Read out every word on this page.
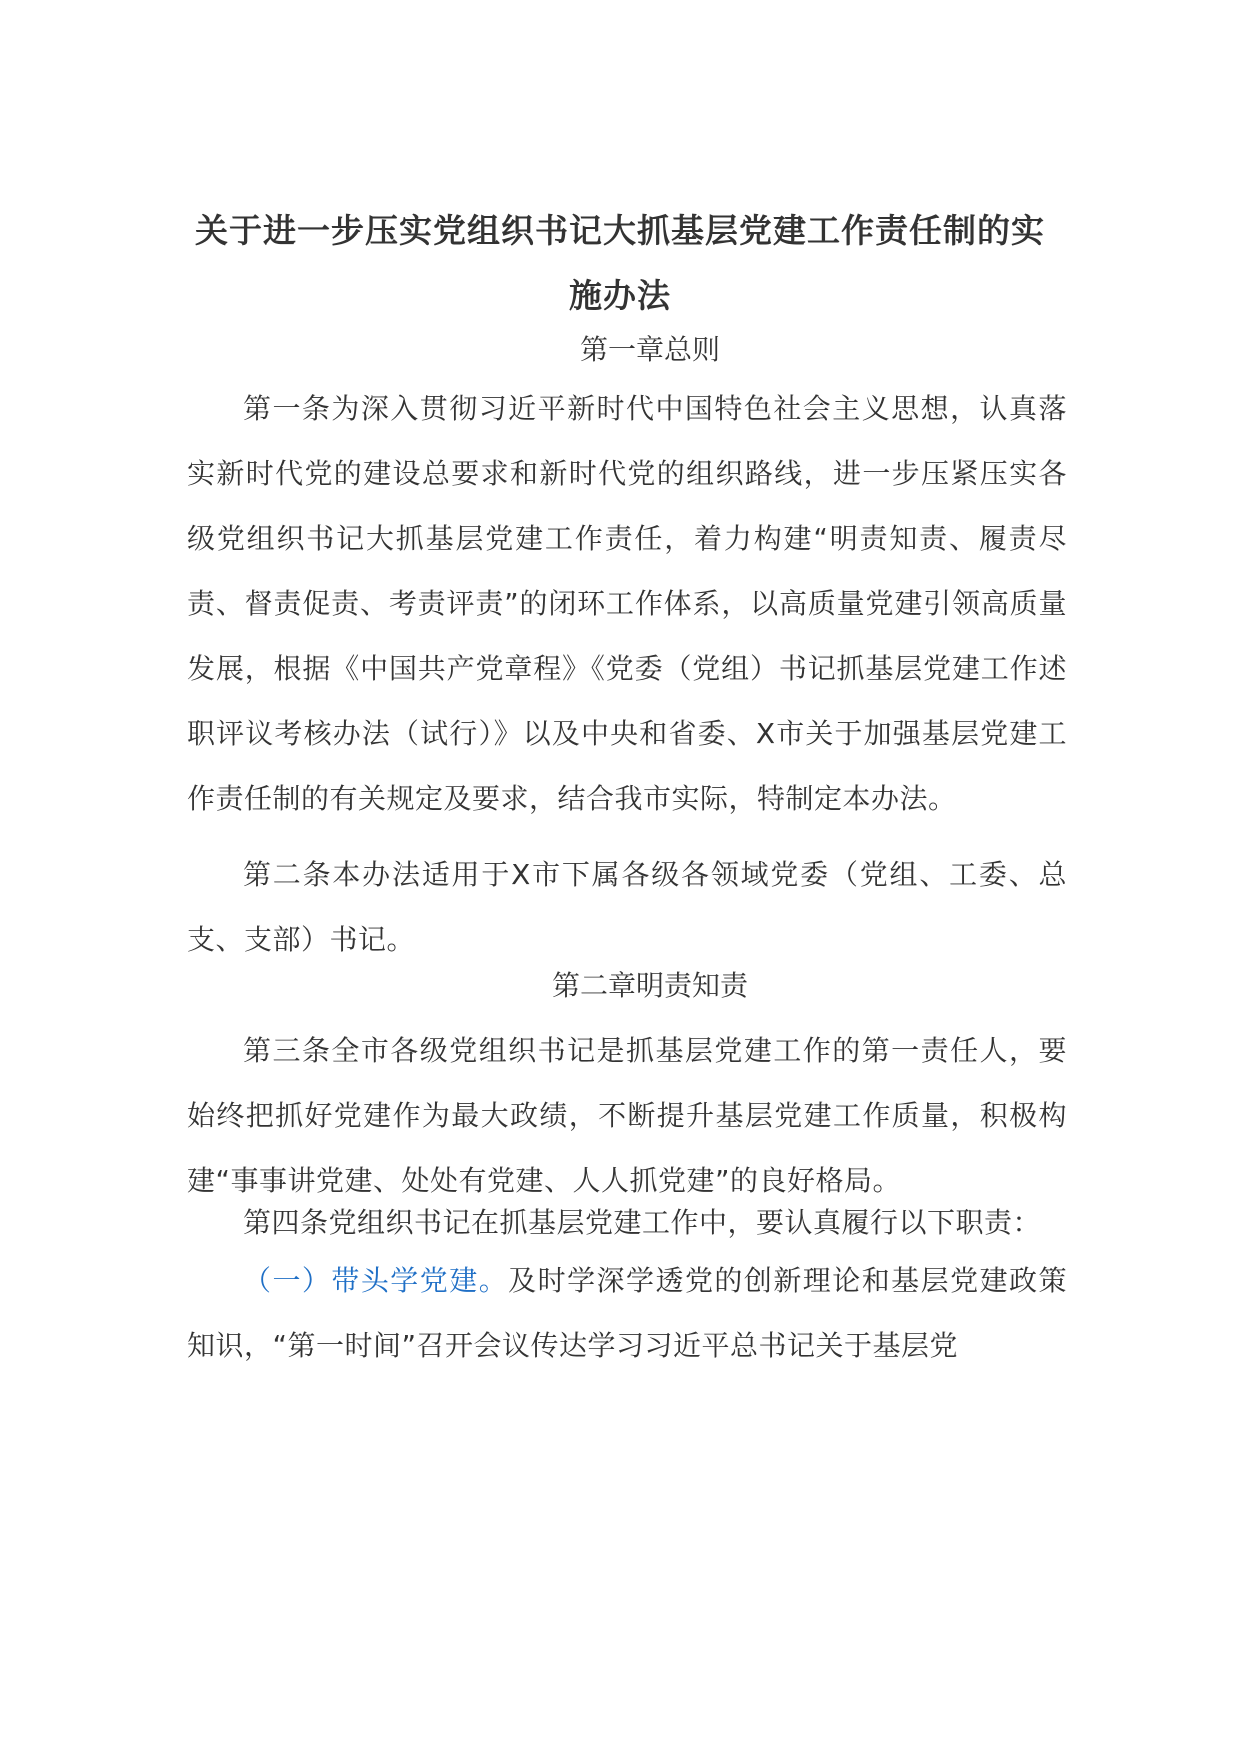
关于进一步压实党组织书记大抓基层党建工作责任制的实施办法
第一章总则
第一条为深入贯彻习近平新时代中国特色社会主义思想，认真落实新时代党的建设总要求和新时代党的组织路线，进一步压紧压实各级党组织书记大抓基层党建工作责任，着力构建“明责知责、履责尽责、督责促责、考责评责”的闭环工作体系，以高质量党建引领高质量发展，根据《中国共产党章程》《党委（党组）书记抓基层党建工作述职评议考核办法（试行）》以及中央和省委、X市关于加强基层党建工作责任制的有关规定及要求，结合我市实际，特制定本办法。
第二条本办法适用于X市下属各级各领域党委（党组、工委、总支、支部）书记。
第二章明责知责
第三条全市各级党组织书记是抓基层党建工作的第一责任人，要始终把抓好党建作为最大政绩，不断提升基层党建工作质量，积极构建“事事讲党建、处处有党建、人人抓党建”的良好格局。
第四条党组织书记在抓基层党建工作中，要认真履行以下职责：
（一）带头学党建。及时学深学透党的创新理论和基层党建政策知识，“第一时间”召开会议传达学习习近平总书记关于基层党
